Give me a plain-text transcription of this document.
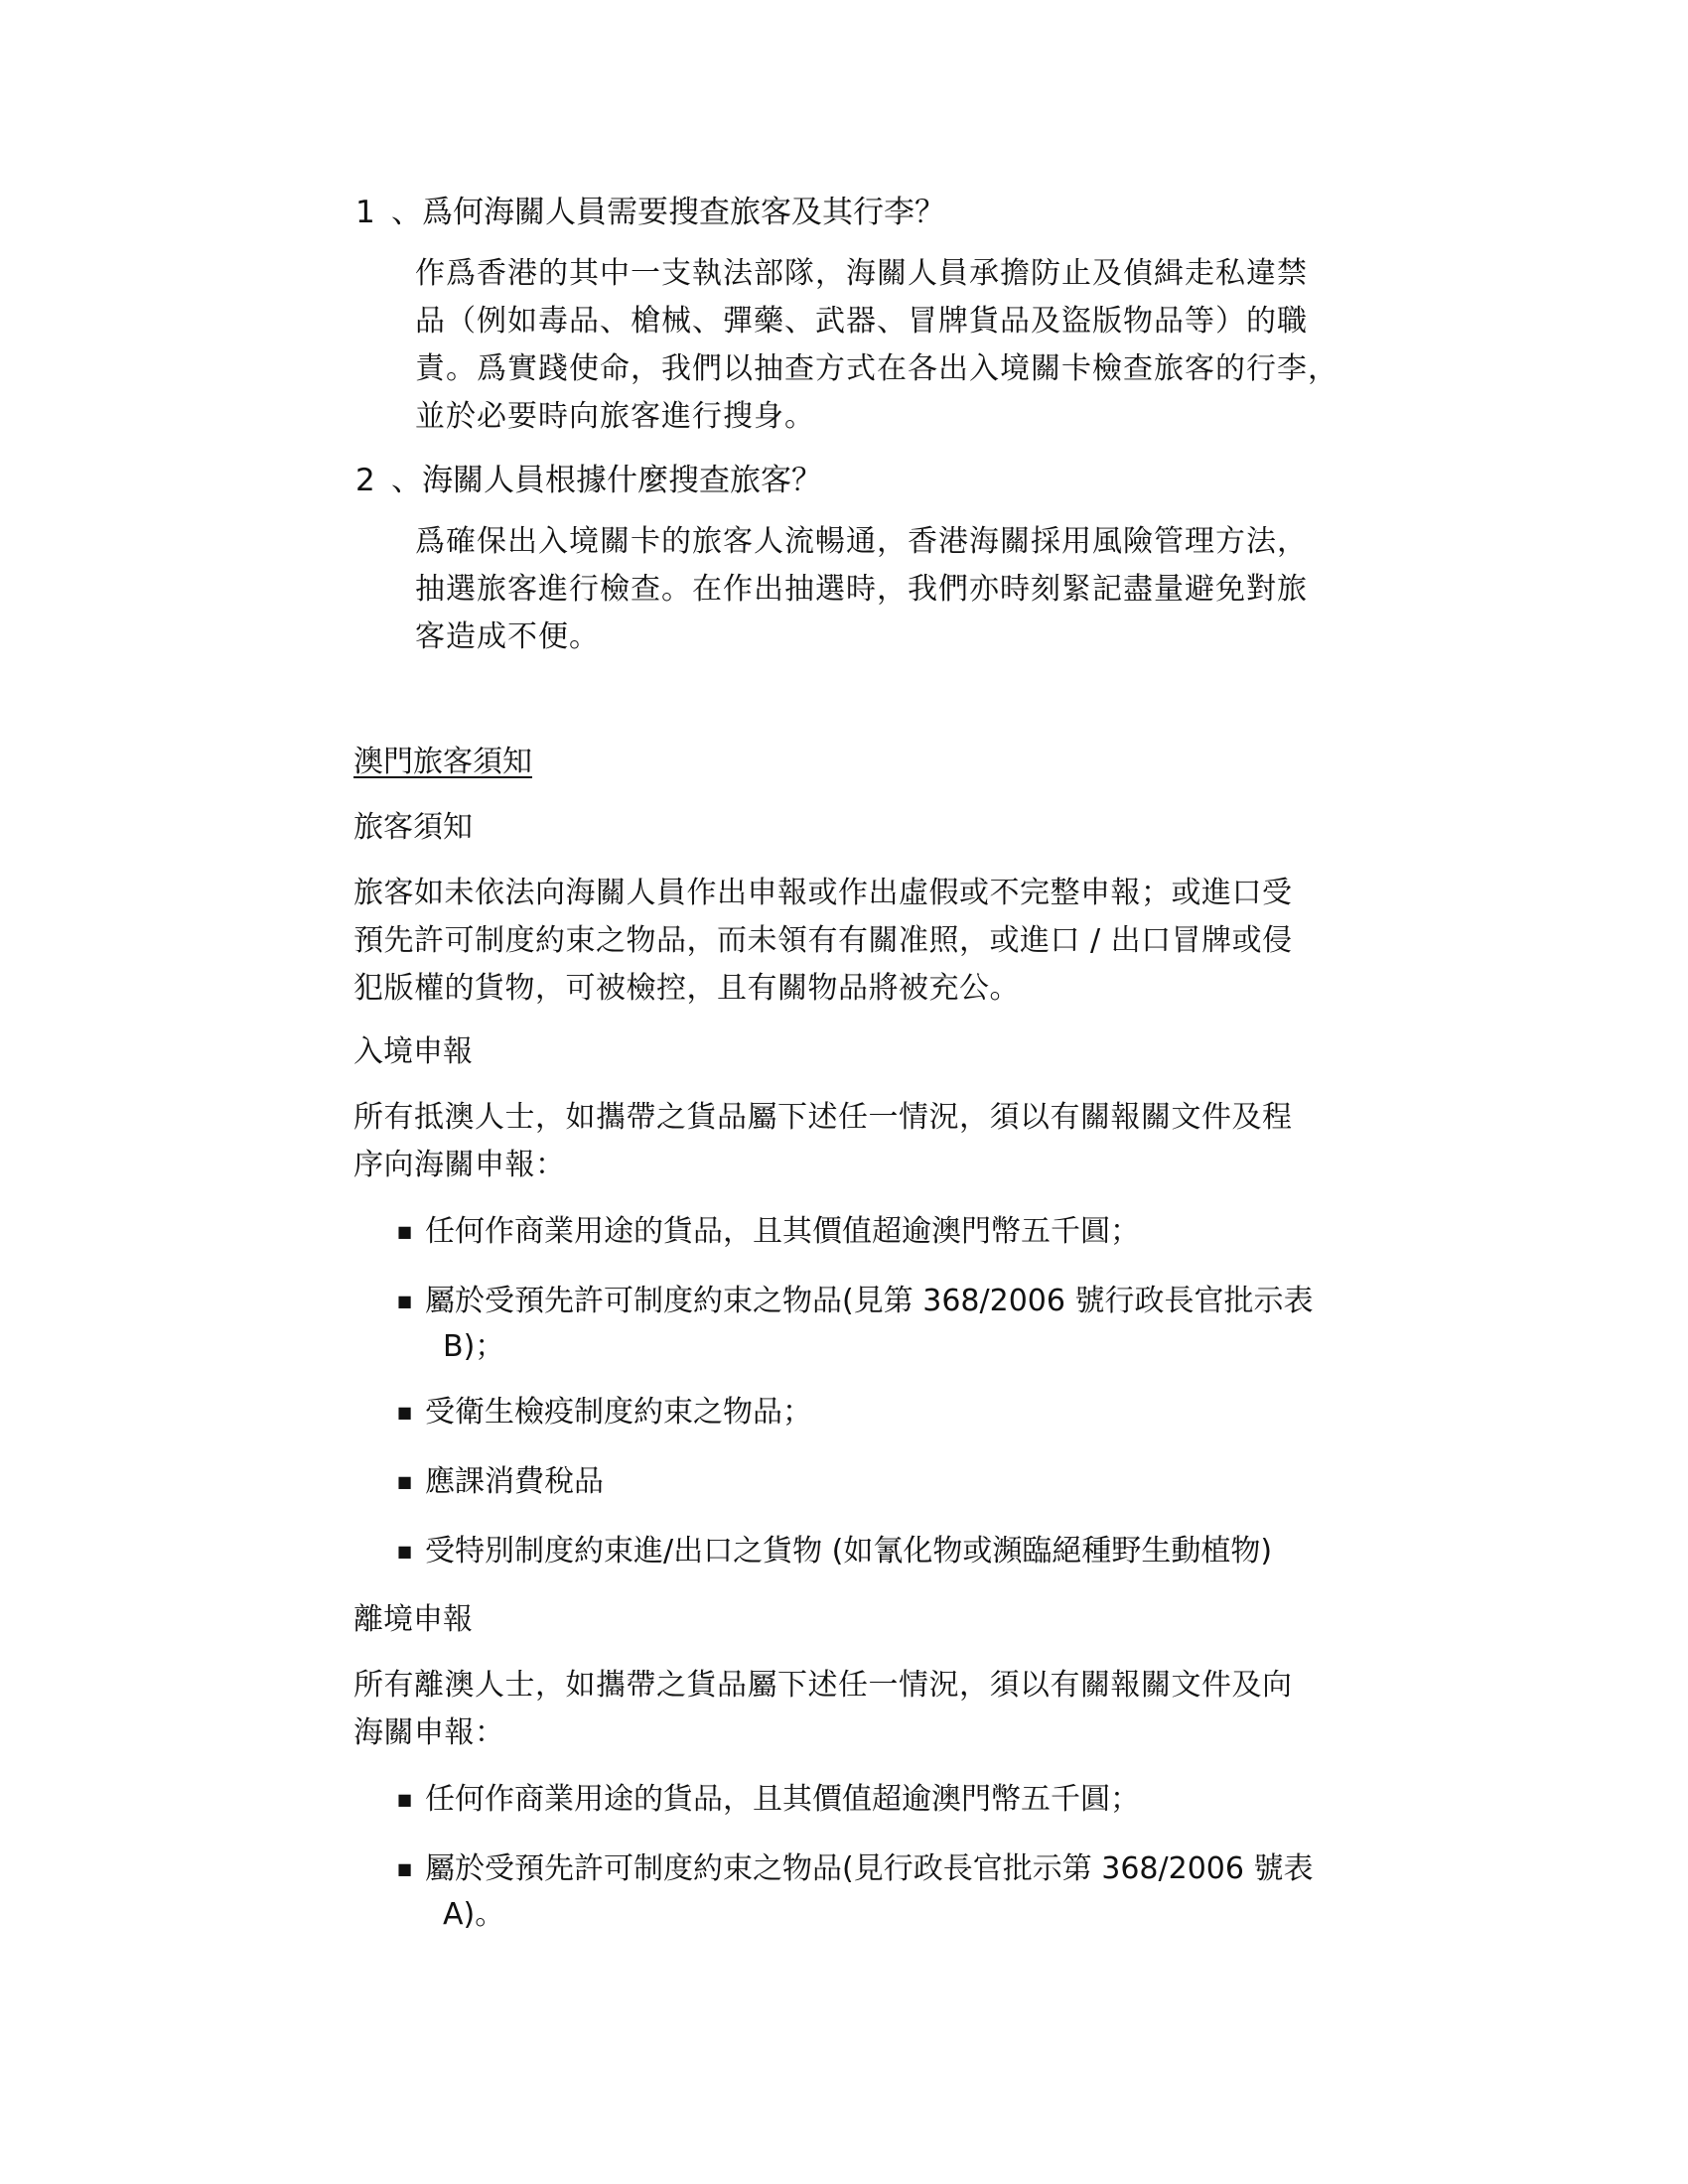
1 、爲何海關人員需要搜查旅客及其行李？
作爲香港的其中一支執法部隊，海關人員承擔防止及偵緝走私違禁
品（例如毒品、槍械、彈藥、武器、冒牌貨品及盜版物品等）的職
責。爲實踐使命，我們以抽查方式在各出入境關卡檢查旅客的行李，
並於必要時向旅客進行搜身。
2 、海關人員根據什麼搜查旅客？
爲確保出入境關卡的旅客人流暢通，香港海關採用風險管理方法，
抽選旅客進行檢查。在作出抽選時，我們亦時刻緊記盡量避免對旅
客造成不便。
澳門旅客須知
旅客須知
旅客如未依法向海關人員作出申報或作出虛假或不完整申報；或進口受
預先許可制度約束之物品，而未領有有關准照，或進口 / 出口冒牌或侵
犯版權的貨物，可被檢控，且有關物品將被充公。
入境申報
所有抵澳人士，如攜帶之貨品屬下述任一情況，須以有關報關文件及程
序向海關申報：
■ 任何作商業用途的貨品，且其價值超逾澳門幣五千圓；
■ 屬於受預先許可制度約束之物品(見第 368/2006 號行政長官批示表
B)；
■ 受衛生檢疫制度約束之物品；
■ 應課消費稅品
■ 受特別制度約束進/出口之貨物 (如氰化物或瀕臨絕種野生動植物)
離境申報
所有離澳人士，如攜帶之貨品屬下述任一情況，須以有關報關文件及向
海關申報：
■ 任何作商業用途的貨品，且其價值超逾澳門幣五千圓；
■ 屬於受預先許可制度約束之物品(見行政長官批示第 368/2006 號表
A)。
